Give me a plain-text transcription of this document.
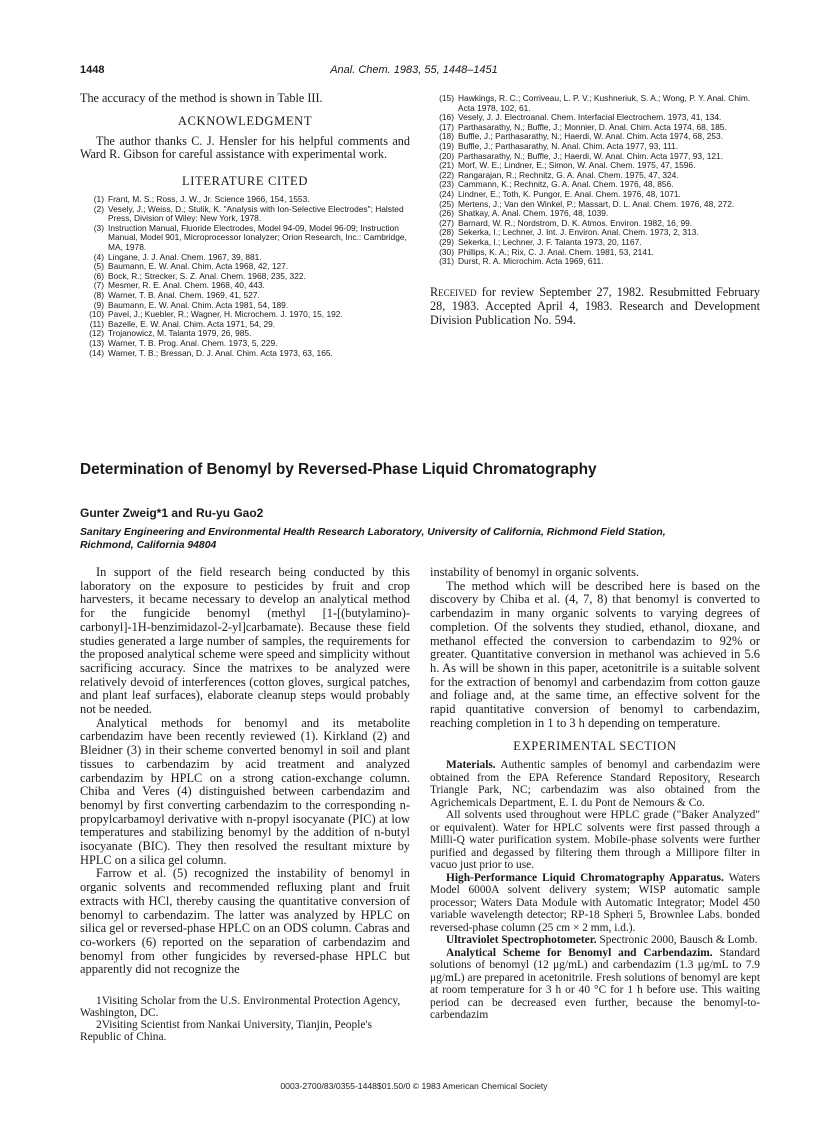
1448	Anal. Chem. 1983, 55, 1448–1451

The accuracy of the method is shown in Table III.

ACKNOWLEDGMENT

The author thanks C. J. Hensler for his helpful comments and Ward R. Gibson for careful assistance with experimental work.

LITERATURE CITED
(1) Frant, M. S.; Ross, J. W., Jr. Science 1966, 154, 1553.
(2) Vesely, J.; Weiss, D.; Stulik, K. "Analysis with Ion-Selective Electrodes"; Halsted Press, Division of Wiley: New York, 1978.
(3) Instruction Manual, Fluoride Electrodes, Model 94-09, Model 96-09; Instruction Manual, Model 901, Microprocessor Ionalyzer; Orion Research, Inc.: Cambridge, MA, 1978.
(4) Lingane, J. J. Anal. Chem. 1967, 39, 881.
(5) Baumann, E. W. Anal. Chim. Acta 1968, 42, 127.
(6) Bock, R.; Strecker, S. Z. Anal. Chem. 1968, 235, 322.
(7) Mesmer, R. E. Anal. Chem. 1968, 40, 443.
(8) Warner, T. B. Anal. Chem. 1969, 41, 527.
(9) Baumann, E. W. Anal. Chim. Acta 1981, 54, 189.
(10) Pavel, J.; Kuebler, R.; Wagner, H. Microchem. J. 1970, 15, 192.
(11) Bazelle, E. W. Anal. Chim. Acta 1971, 54, 29.
(12) Trojanowicz, M. Talanta 1979, 26, 985.
(13) Warner, T. B. Prog. Anal. Chem. 1973, 5, 229.
(14) Warner, T. B.; Bressan, D. J. Anal. Chim. Acta 1973, 63, 165.
(15) Hawkings, R. C.; Corriveau, L. P. V.; Kushneriuk, S. A.; Wong, P. Y. Anal. Chim. Acta 1978, 102, 61.
(16) Vesely, J. J. Electroanal. Chem. Interfacial Electrochem. 1973, 41, 134.
(17) Parthasarathy, N.; Buffle, J.; Monnier, D. Anal. Chim. Acta 1974, 68, 185.
(18) Buffle, J.; Parthasarathy, N.; Haerdi, W. Anal. Chim. Acta 1974, 68, 253.
(19) Buffle, J.; Parthasarathy, N. Anal. Chim. Acta 1977, 93, 111.
(20) Parthasarathy, N.; Buffle, J.; Haerdi, W. Anal. Chim. Acta 1977, 93, 121.
(21) Morf, W. E.; Lindner, E.; Simon, W. Anal. Chem. 1975, 47, 1596.
(22) Rangarajan, R.; Rechnitz, G. A. Anal. Chem. 1975, 47, 324.
(23) Cammann, K.; Rechnitz, G. A. Anal. Chem. 1976, 48, 856.
(24) Lindner, E.; Toth, K. Pungor, E. Anal. Chem. 1976, 48, 1071.
(25) Mertens, J.; Van den Winkel, P.; Massart, D. L. Anal. Chem. 1976, 48, 272.
(26) Shatkay, A. Anal. Chem. 1976, 48, 1039.
(27) Barnard, W. R.; Nordstrom, D. K. Atmos. Environ. 1982, 16, 99.
(28) Sekerka, I.; Lechner, J. Int. J. Environ. Anal. Chem. 1973, 2, 313.
(29) Sekerka, I.; Lechner, J. F. Talanta 1973, 20, 1167.
(30) Phillips, K. A.; Rix, C. J. Anal. Chem. 1981, 53, 2141.
(31) Durst, R. A. Microchim. Acta 1969, 611.

Received for review September 27, 1982. Resubmitted February 28, 1983. Accepted April 4, 1983. Research and Development Division Publication No. 594.

Determination of Benomyl by Reversed-Phase Liquid Chromatography
Gunter Zweig*1 and Ru-yu Gao2
Sanitary Engineering and Environmental Health Research Laboratory, University of California, Richmond Field Station,
Richmond, California 94804

In support of the field research being conducted by this laboratory on the exposure to pesticides by fruit and crop harvesters, it became necessary to develop an analytical method for the fungicide benomyl (methyl [1-[(butylamino)-carbonyl]-1H-benzimidazol-2-yl]carbamate). Because these field studies generated a large number of samples, the requirements for the proposed analytical scheme were speed and simplicity without sacrificing accuracy. Since the matrixes to be analyzed were relatively devoid of interferences (cotton gloves, surgical patches, and plant leaf surfaces), elaborate cleanup steps would probably not be needed.

Analytical methods for benomyl and its metabolite carbendazim have been recently reviewed (1). Kirkland (2) and Bleidner (3) in their scheme converted benomyl in soil and plant tissues to carbendazim by acid treatment and analyzed carbendazim by HPLC on a strong cation-exchange column. Chiba and Veres (4) distinguished between carbendazim and benomyl by first converting carbendazim to the corresponding n-propylcarbamoyl derivative with n-propyl isocyanate (PIC) at low temperatures and stabilizing benomyl by the addition of n-butyl isocyanate (BIC). They then resolved the resultant mixture by HPLC on a silica gel column.

Farrow et al. (5) recognized the instability of benomyl in organic solvents and recommended refluxing plant and fruit extracts with HCl, thereby causing the quantitative conversion of benomyl to carbendazim. The latter was analyzed by HPLC on silica gel or reversed-phase HPLC on an ODS column. Cabras and co-workers (6) reported on the separation of carbendazim and benomyl from other fungicides by reversed-phase HPLC but apparently did not recognize the

1Visiting Scholar from the U.S. Environmental Protection Agency, Washington, DC.

2Visiting Scientist from Nankai University, Tianjin, People's Republic of China.

instability of benomyl in organic solvents.

The method which will be described here is based on the discovery by Chiba et al. (4, 7, 8) that benomyl is converted to carbendazim in many organic solvents to varying degrees of completion. Of the solvents they studied, ethanol, dioxane, and methanol effected the conversion to carbendazim to 92% or greater. Quantitative conversion in methanol was achieved in 5.6 h. As will be shown in this paper, acetonitrile is a suitable solvent for the extraction of benomyl and carbendazim from cotton gauze and foliage and, at the same time, an effective solvent for the rapid quantitative conversion of benomyl to carbendazim, reaching completion in 1 to 3 h depending on temperature.

EXPERIMENTAL SECTION

Materials. Authentic samples of benomyl and carbendazim were obtained from the EPA Reference Standard Repository, Research Triangle Park, NC; carbendazim was also obtained from the Agrichemicals Department, E. I. du Pont de Nemours & Co.

All solvents used throughout were HPLC grade ("Baker Analyzed" or equivalent). Water for HPLC solvents were first passed through a Milli-Q water purification system. Mobile-phase solvents were further purified and degassed by filtering them through a Millipore filter in vacuo just prior to use.

High-Performance Liquid Chromatography Apparatus. Waters Model 6000A solvent delivery system; WISP automatic sample processor; Waters Data Module with Automatic Integrator; Model 450 variable wavelength detector; RP-18 Spheri 5, Brownlee Labs. bonded reversed-phase column (25 cm × 2 mm, i.d.).

Ultraviolet Spectrophotometer. Spectronic 2000, Bausch & Lomb.

Analytical Scheme for Benomyl and Carbendazim. Standard solutions of benomyl (12 μg/mL) and carbendazim (1.3 μg/mL to 7.9 μg/mL) are prepared in acetonitrile. Fresh solutions of benomyl are kept at room temperature for 3 h or 40 °C for 1 h before use. This waiting period can be decreased even further, because the benomyl-to-carbendazim

0003-2700/83/0355-1448$01.50/0 © 1983 American Chemical Society
